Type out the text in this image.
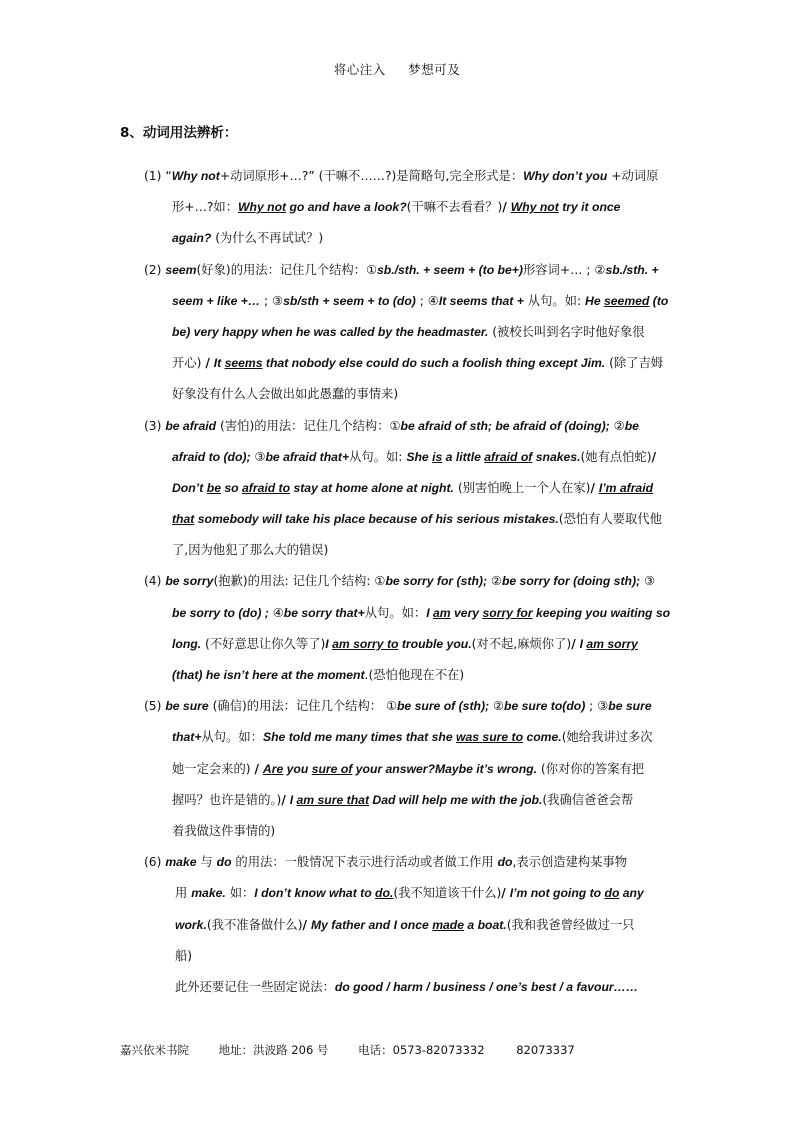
将心注入 梦想可及
8、动词用法辨析：
(1) “Why not+动词原形+…?” (干嘛不……?)是简略句,完全形式是：Why don’t you +动词原
形+…?如：Why not go and have a look?(干嘛不去看看？)/ Why not try it once
again? (为什么不再试试？)
(2) seem(好象)的用法：记住几个结构：①sb./sth. + seem + (to be+)形容词+… ; ②sb./sth. +
seem + like +… ; ③sb/sth + seem + to (do) ; ④It seems that + 从句。如: He seemed (to
be) very happy when he was called by the headmaster. (被校长叫到名字时他好象很
开心) / It seems that nobody else could do such a foolish thing except Jim. (除了吉姆
好象没有什么人会做出如此愚蠢的事情来)
(3) be afraid (害怕)的用法：记住几个结构：①be afraid of sth; be afraid of (doing); ②be
afraid to (do); ③be afraid that+从句。如: She is a little afraid of snakes.(她有点怕蛇)/
Don’t be so afraid to stay at home alone at night. (别害怕晚上一个人在家)/ I’m afraid
that somebody will take his place because of his serious mistakes.(恐怕有人要取代他
了,因为他犯了那么大的错误)
(4) be sorry(抱歉)的用法: 记住几个结构: ①be sorry for (sth); ②be sorry for (doing sth); ③
be sorry to (do) ; ④be sorry that+从句。如：I am very sorry for keeping you waiting so
long. (不好意思让你久等了)I am sorry to trouble you.(对不起,麻烦你了)/ I am sorry
(that) he isn’t here at the moment.(恐怕他现在不在)
(5) be sure (确信)的用法：记住几个结构： ①be sure of (sth); ②be sure to(do) ; ③be sure
that+从句。如：She told me many times that she was sure to come.(她给我讲过多次
她一定会来的) / Are you sure of your answer?Maybe it’s wrong. (你对你的答案有把
握吗？也许是错的。)/ I am sure that Dad will help me with the job.(我确信爸爸会帮
着我做这件事情的)
(6) make 与 do 的用法：一般情况下表示进行活动或者做工作用 do,表示创造建构某事物
用 make. 如：I don’t know what to do.(我不知道该干什么)/ I’m not going to do any
work.(我不准备做什么)/ My father and I once made a boat.(我和我爸曾经做过一只
船)
此外还要记住一些固定说法：do good / harm / business / one’s best / a favour……
嘉兴依米书院	地址：洪波路 206 号	电话：0573-82073332	82073337
